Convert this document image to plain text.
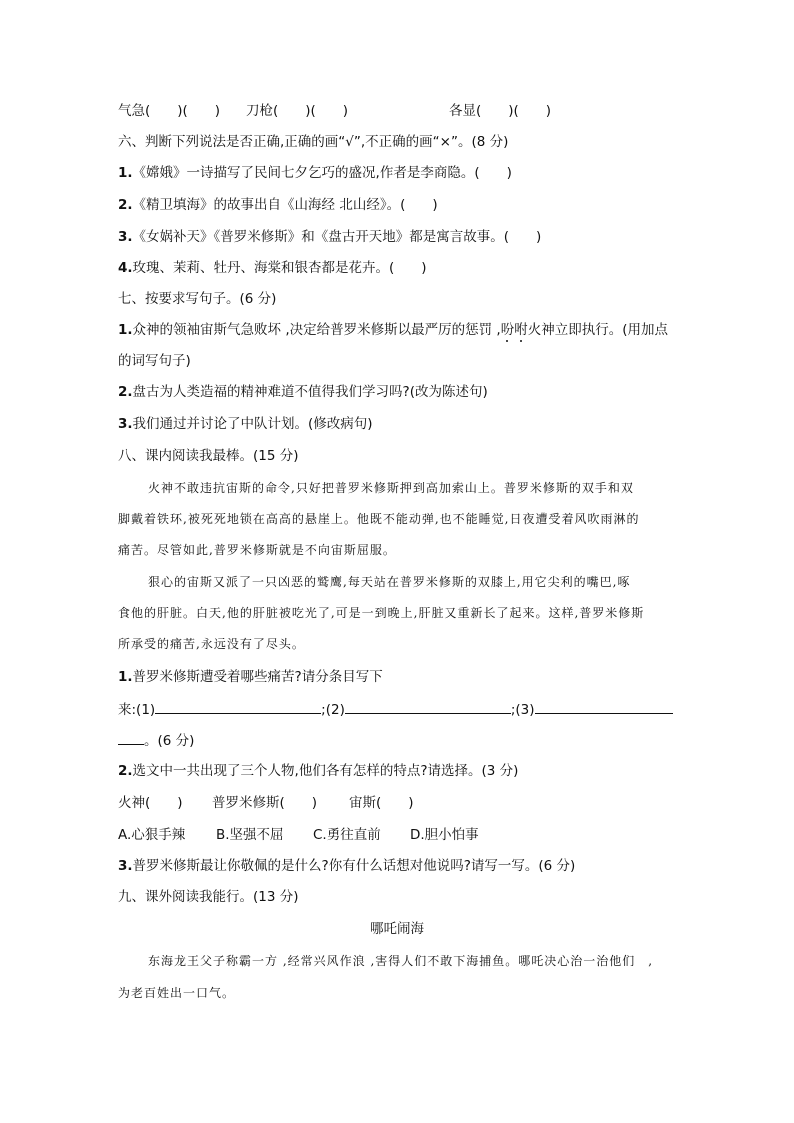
气急(　　)(　　) 刀枪(　　)(　　)	各显(　　)(　　)
六、判断下列说法是否正确,正确的画“√”,不正确的画“×”。(8 分)
1.《嫦娥》一诗描写了民间七夕乞巧的盛况,作者是李商隐。(　　)
2.《精卫填海》的故事出自《山海经 北山经》。(　　)
3.《女娲补天》《普罗米修斯》和《盘古开天地》都是寓言故事。(　　)
4.玫瑰、茉莉、牡丹、海棠和银杏都是花卉。(　　)
七、按要求写句子。(6 分)
1.众神的领袖宙斯气急败坏 ,决定给普罗米修斯以最严厉的惩罚 ,吩咐火神立即执行。(用加点
的词写句子)
2.盘古为人类造福的精神难道不值得我们学习吗?(改为陈述句)
3.我们通过并讨论了中队计划。(修改病句)
八、课内阅读我最棒。(15 分)
火神不敢违抗宙斯的命令,只好把普罗米修斯押到高加索山上。普罗米修斯的双手和双
脚戴着铁环,被死死地锁在高高的悬崖上。他既不能动弹,也不能睡觉,日夜遭受着风吹雨淋的
痛苦。尽管如此,普罗米修斯就是不向宙斯屈服。
狠心的宙斯又派了一只凶恶的鹫鹰,每天站在普罗米修斯的双膝上,用它尖利的嘴巴,啄
食他的肝脏。白天,他的肝脏被吃光了,可是一到晚上,肝脏又重新长了起来。这样,普罗米修斯
所承受的痛苦,永远没有了尽头。
1.普罗米修斯遭受着哪些痛苦?请分条目写下
来:(1)	;(2)	;(3)
。(6 分)
2.选文中一共出现了三个人物,他们各有怎样的特点?请选择。(3 分)
火神(　　) 普罗米修斯(　　) 宙斯(　　)
A.心狠手辣 B.坚强不屈 C.勇往直前 D.胆小怕事
3.普罗米修斯最让你敬佩的是什么?你有什么话想对他说吗?请写一写。(6 分)
九、课外阅读我能行。(13 分)
哪吒闹海
东海龙王父子称霸一方 ,经常兴风作浪 ,害得人们不敢下海捕鱼。哪吒决心治一治他们　,
为老百姓出一口气。
